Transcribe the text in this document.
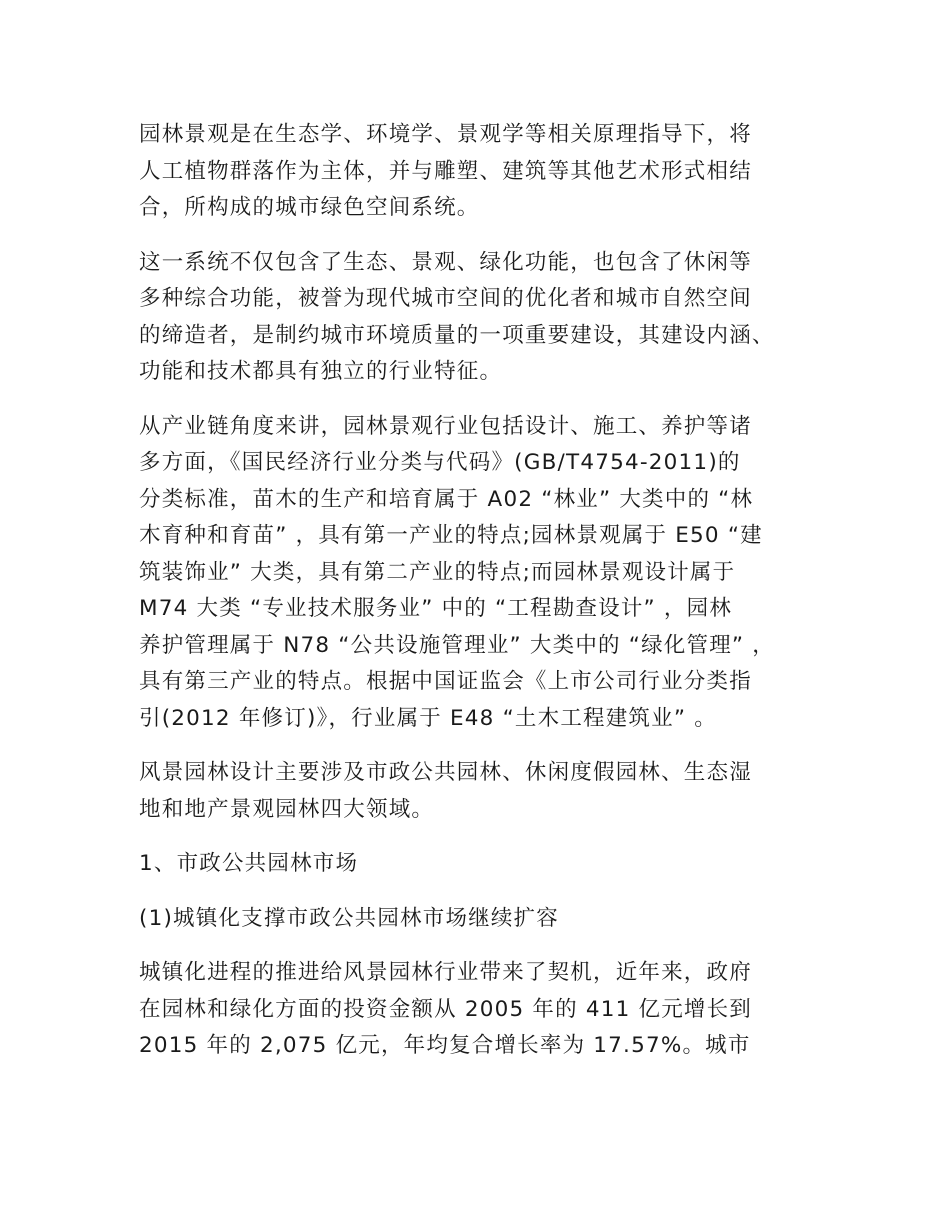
园林景观是在生态学、环境学、景观学等相关原理指导下，将
人工植物群落作为主体，并与雕塑、建筑等其他艺术形式相结
合，所构成的城市绿色空间系统。
这一系统不仅包含了生态、景观、绿化功能，也包含了休闲等
多种综合功能，被誉为现代城市空间的优化者和城市自然空间
的缔造者，是制约城市环境质量的一项重要建设，其建设内涵、
功能和技术都具有独立的行业特征。
从产业链角度来讲，园林景观行业包括设计、施工、养护等诸
多方面，《国民经济行业分类与代码》(GB/T4754-2011)的
分类标准，苗木的生产和培育属于 A02 “林业” 大类中的 “林
木育种和育苗” ，具有第一产业的特点;园林景观属于 E50 “建
筑装饰业” 大类，具有第二产业的特点;而园林景观设计属于
M74 大类 “专业技术服务业” 中的 “工程勘查设计” ，园林
养护管理属于 N78 “公共设施管理业” 大类中的 “绿化管理” ，
具有第三产业的特点。根据中国证监会《上市公司行业分类指
引(2012 年修订)》，行业属于 E48 “土木工程建筑业” 。
风景园林设计主要涉及市政公共园林、休闲度假园林、生态湿
地和地产景观园林四大领域。
1、市政公共园林市场
(1)城镇化支撑市政公共园林市场继续扩容
城镇化进程的推进给风景园林行业带来了契机，近年来，政府
在园林和绿化方面的投资金额从 2005 年的 411 亿元增长到
2015 年的 2,075 亿元，年均复合增长率为 17.57%。城市
